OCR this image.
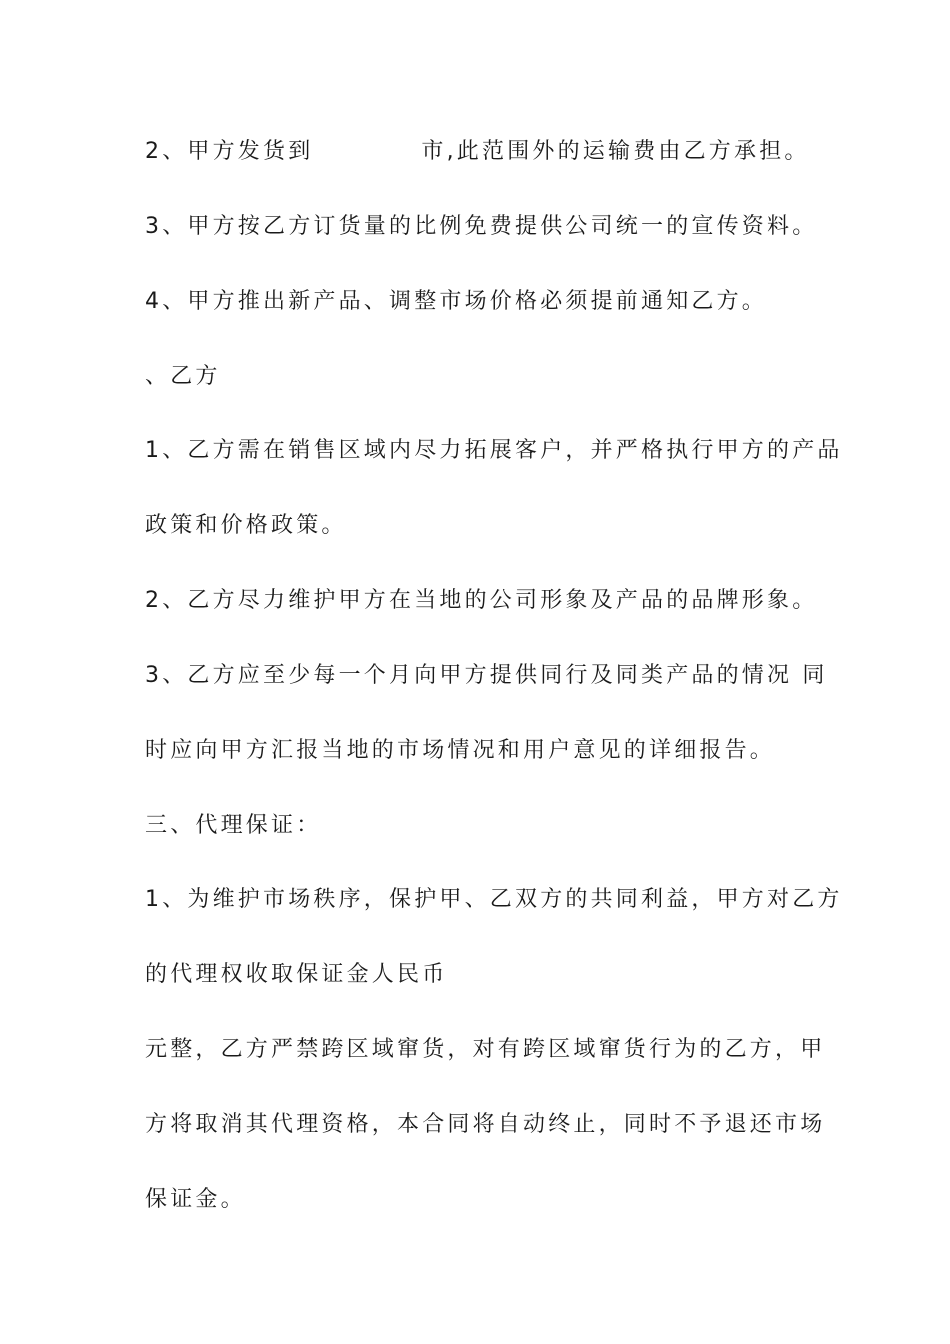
2、甲方发货到	市,此范围外的运输费由乙方承担。
3、甲方按乙方订货量的比例免费提供公司统一的宣传资料。
4、甲方推出新产品、调整市场价格必须提前通知乙方。
、乙方
1、乙方需在销售区域内尽力拓展客户，并严格执行甲方的产品
政策和价格政策。
2、乙方尽力维护甲方在当地的公司形象及产品的品牌形象。
3、乙方应至少每一个月向甲方提供同行及同类产品的情况 同
时应向甲方汇报当地的市场情况和用户意见的详细报告。
三、代理保证：
1、为维护市场秩序，保护甲、乙双方的共同利益，甲方对乙方
的代理权收取保证金人民币
元整，乙方严禁跨区域窜货，对有跨区域窜货行为的乙方，甲
方将取消其代理资格，本合同将自动终止，同时不予退还市场
保证金。
